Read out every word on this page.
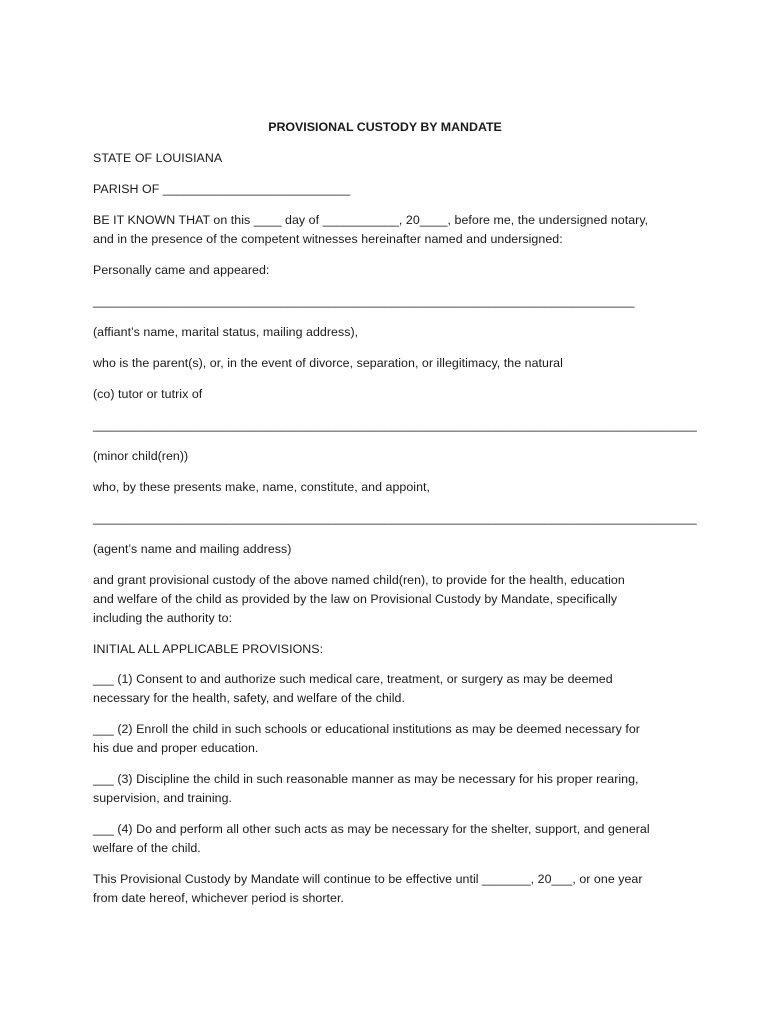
PROVISIONAL CUSTODY BY MANDATE
STATE OF LOUISIANA
PARISH OF ___________________________
BE IT KNOWN THAT on this ____ day of ___________, 20____, before me, the undersigned notary,
and in the presence of the competent witnesses hereinafter named and undersigned:
Personally came and appeared:
______________________________________________________________________________
(affiant’s name, marital status, mailing address),
who is the parent(s), or, in the event of divorce, separation, or illegitimacy, the natural
(co) tutor or tutrix of
_______________________________________________________________________________________
(minor child(ren))
who, by these presents make, name, constitute, and appoint,
_______________________________________________________________________________________
(agent’s name and mailing address)
and grant provisional custody of the above named child(ren), to provide for the health, education
and welfare of the child as provided by the law on Provisional Custody by Mandate, specifically
including the authority to:
INITIAL ALL APPLICABLE PROVISIONS:
___ (1) Consent to and authorize such medical care, treatment, or surgery as may be deemed
necessary for the health, safety, and welfare of the child.
___ (2) Enroll the child in such schools or educational institutions as may be deemed necessary for
his due and proper education.
___ (3) Discipline the child in such reasonable manner as may be necessary for his proper rearing,
supervision, and training.
___ (4) Do and perform all other such acts as may be necessary for the shelter, support, and general
welfare of the child.
This Provisional Custody by Mandate will continue to be effective until _______, 20___, or one year
from date hereof, whichever period is shorter.
